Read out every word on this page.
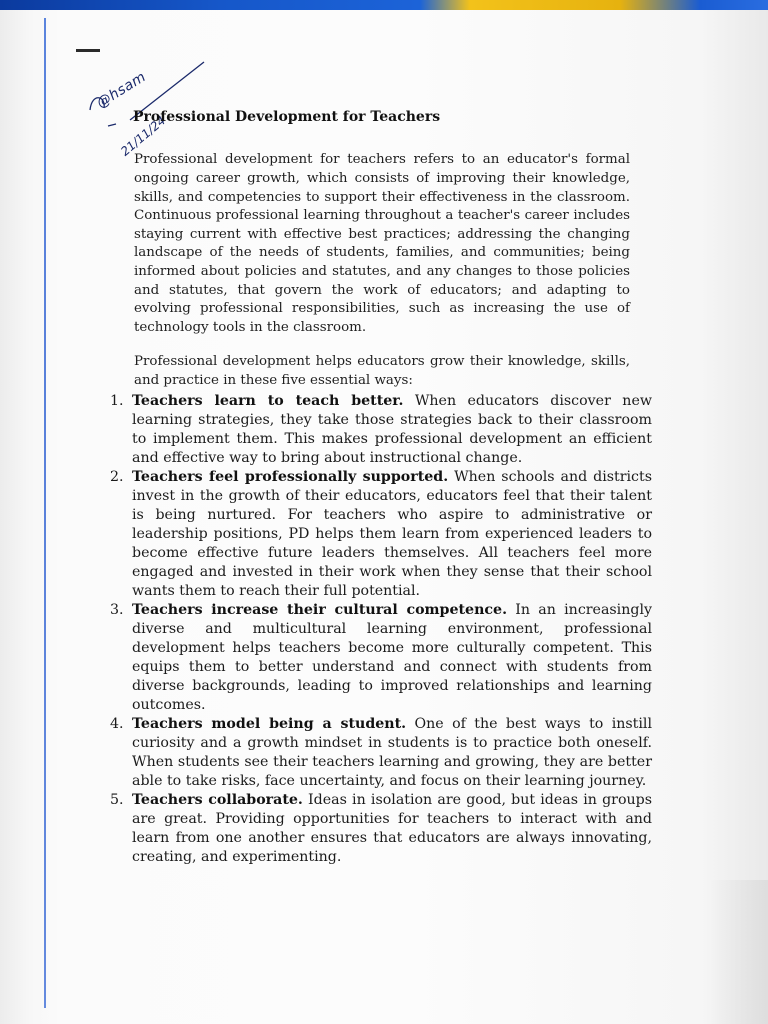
@hsam
21/11/24
Professional Development for Teachers

Professional development for teachers refers to an educator's formal ongoing career growth, which consists of improving their knowledge, skills, and competencies to support their effectiveness in the classroom. Continuous professional learning throughout a teacher's career includes staying current with effective best practices; addressing the changing landscape of the needs of students, families, and communities; being informed about policies and statutes, and any changes to those policies and statutes, that govern the work of educators; and adapting to evolving professional responsibilities, such as increasing the use of technology tools in the classroom.

Professional development helps educators grow their knowledge, skills, and practice in these five essential ways:

1. Teachers learn to teach better. When educators discover new learning strategies, they take those strategies back to their classroom to implement them. This makes professional development an efficient and effective way to bring about instructional change.
2. Teachers feel professionally supported. When schools and districts invest in the growth of their educators, educators feel that their talent is being nurtured. For teachers who aspire to administrative or leadership positions, PD helps them learn from experienced leaders to become effective future leaders themselves. All teachers feel more engaged and invested in their work when they sense that their school wants them to reach their full potential.
3. Teachers increase their cultural competence. In an increasingly diverse and multicultural learning environment, professional development helps teachers become more culturally competent. This equips them to better understand and connect with students from diverse backgrounds, leading to improved relationships and learning outcomes.
4. Teachers model being a student. One of the best ways to instill curiosity and a growth mindset in students is to practice both oneself. When students see their teachers learning and growing, they are better able to take risks, face uncertainty, and focus on their learning journey.
5. Teachers collaborate. Ideas in isolation are good, but ideas in groups are great. Providing opportunities for teachers to interact with and learn from one another ensures that educators are always innovating, creating, and experimenting.
